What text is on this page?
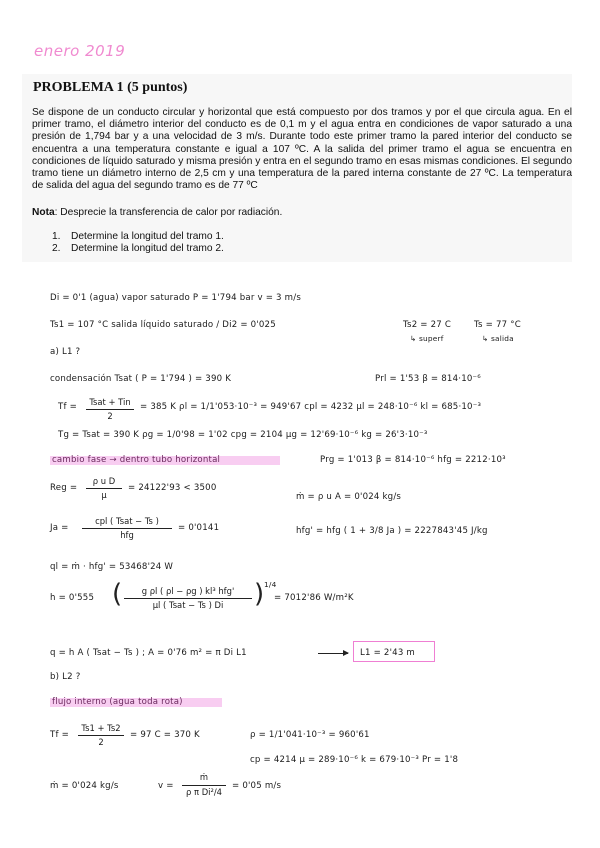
enero 2019
PROBLEMA 1 (5 puntos)
Se dispone de un conducto circular y horizontal que está compuesto por dos tramos y por el que circula agua. En el primer tramo, el diámetro interior del conducto es de 0,1 m y el agua entra en condiciones de vapor saturado a una presión de 1,794 bar y a una velocidad de 3 m/s. Durante todo este primer tramo la pared interior del conducto se encuentra a una temperatura constante e igual a 107 ºC. A la salida del primer tramo el agua se encuentra en condiciones de líquido saturado y misma presión y entra en el segundo tramo en esas mismas condiciones. El segundo tramo tiene un diámetro interno de 2,5 cm y una temperatura de la pared interna constante de 27 ºC. La temperatura de salida del agua del segundo tramo es de 77 ºC
Nota: Desprecie la transferencia de calor por radiación.
1. Determine la longitud del tramo 1.
2. Determine la longitud del tramo 2.
Di = 0'1 (agua) vapor saturado P = 1'794 bar v = 3 m/s
Ts1 = 107 °C salida líquido saturado / Di2 = 0'025	Ts2 = 27 C	Ts = 77 °C
↳ superf	↳ salida
a) L1 ?
condensación Tsat ( P = 1'794 ) = 390 K	Prl = 1'53 β = 814·10⁻⁶
Tf =	Tsat + Tin
2
= 385 K ρl = 1/1'053·10⁻³ = 949'67 cpl = 4232 μl = 248·10⁻⁶ kl = 685·10⁻³
Tg = Tsat = 390 K ρg = 1/0'98 = 1'02 cpg = 2104 μg = 12'69·10⁻⁶ kg = 26'3·10⁻³
cambio fase → dentro tubo horizontal	Prg = 1'013 β = 814·10⁻⁶ hfg = 2212·10³
Reg =
ρ u D
μ
= 24122'93 < 3500
ṁ = ρ u A = 0'024 kg/s
Ja =
cpl ( Tsat − Ts )
hfg
= 0'0141	hfg' = hfg ( 1 + 3/8 Ja ) = 2227843'45 J/kg
ql = ṁ · hfg' = 53468'24 W
h = 0'555 (	g ρl ( ρl − ρg ) kl³ hfg'
μl ( Tsat − Ts ) Di	) 1/4
= 7012'86 W/m²K
q = h A ( Tsat − Ts ) ; A = 0'76 m² = π Di L1	L1 = 2'43 m
b) L2 ?
flujo interno (agua toda rota)
Tf =
Ts1 + Ts2
2
= 97 C = 370 K	ρ = 1/1'041·10⁻³ = 960'61
cp = 4214 μ = 289·10⁻⁶ k = 679·10⁻³ Pr = 1'8
ṁ = 0'024 kg/s	v =
ṁ
ρ π Di²/4
= 0'05 m/s
